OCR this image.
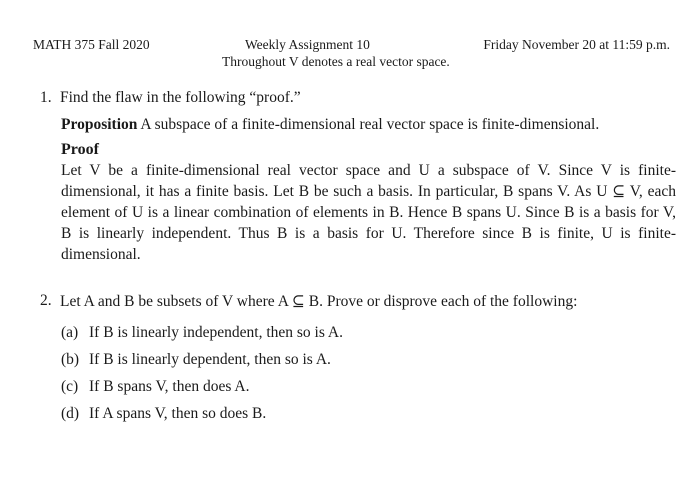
MATH 375 Fall 2020	Weekly Assignment 10	Friday November 20 at 11:59 p.m.
Throughout V denotes a real vector space.
1. Find the flaw in the following “proof.”
Proposition A subspace of a finite-dimensional real vector space is finite-dimensional.
Proof
Let V be a finite-dimensional real vector space and U a subspace of V. Since V is finite-dimensional, it has a finite basis. Let B be such a basis. In particular, B spans V. As U ⊆ V, each element of U is a linear combination of elements in B. Hence B spans U. Since B is a basis for V, B is linearly independent. Thus B is a basis for U. Therefore since B is finite, U is finite-dimensional.
2. Let A and B be subsets of V where A ⊆ B. Prove or disprove each of the following:
(a) If B is linearly independent, then so is A.
(b) If B is linearly dependent, then so is A.
(c) If B spans V, then does A.
(d) If A spans V, then so does B.
